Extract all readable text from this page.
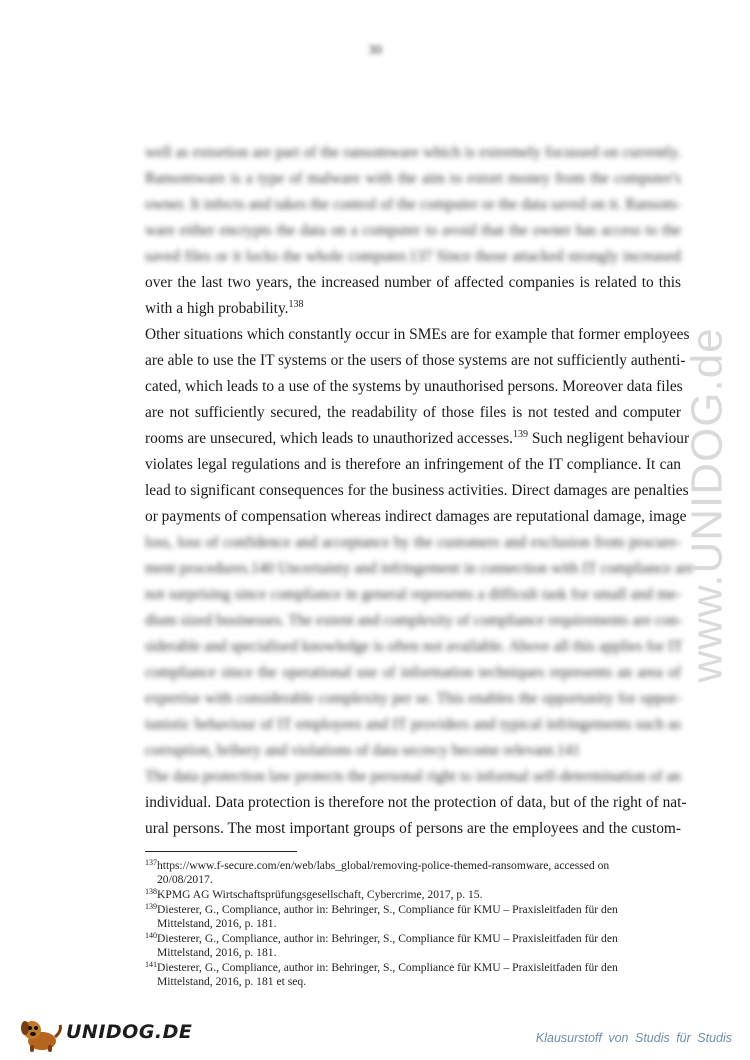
30
well as extortion are part of the ransomware which is extremely focussed on currently.
Ransomware is a type of malware with the aim to extort money from the computer's
owner. It infects and takes the control of the computer or the data saved on it. Ransom-
ware either encrypts the data on a computer to avoid that the owner has access to the
saved files or it locks the whole computer.137 Since those attacked strongly increased
over the last two years, the increased number of affected companies is related to this
with a high probability.$^{138}$
Other situations which constantly occur in SMEs are for example that former employees
are able to use the IT systems or the users of those systems are not sufficiently authenti-
cated, which leads to a use of the systems by unauthorised persons. Moreover data files
are not sufficiently secured, the readability of those files is not tested and computer
rooms are unsecured, which leads to unauthorized accesses.$^{139}$ Such negligent behaviour
violates legal regulations and is therefore an infringement of the IT compliance. It can
lead to significant consequences for the business activities. Direct damages are penalties
or payments of compensation whereas indirect damages are reputational damage, image
loss, loss of confidence and acceptance by the customers and exclusion from procure-
ment procedures.140 Uncertainty and infringement in connection with IT compliance are
not surprising since compliance in general represents a difficult task for small and me-
dium sized businesses. The extent and complexity of compliance requirements are con-
siderable and specialised knowledge is often not available. Above all this applies for IT
compliance since the operational use of information techniques represents an area of
expertise with considerable complexity per se. This enables the opportunity for oppor-
tunistic behaviour of IT employees and IT providers and typical infringements such as
corruption, bribery and violations of data secrecy become relevant.141
The data protection law protects the personal right to informal self-determination of an
individual. Data protection is therefore not the protection of data, but of the right of nat-
ural persons. The most important groups of persons are the employees and the custom-
137 https://www.f-secure.com/en/web/labs_global/removing-police-themed-ransomware, accessed on
20/08/2017.
138 KPMG AG Wirtschaftsprüfungsgesellschaft, Cybercrime, 2017, p. 15.
139 Diesterer, G., Compliance, author in: Behringer, S., Compliance für KMU – Praxisleitfaden für den
Mittelstand, 2016, p. 181.
140 Diesterer, G., Compliance, author in: Behringer, S., Compliance für KMU – Praxisleitfaden für den
Mittelstand, 2016, p. 181.
141 Diesterer, G., Compliance, author in: Behringer, S., Compliance für KMU – Praxisleitfaden für den
Mittelstand, 2016, p. 181 et seq.
www.UNIDOG.de
UNIDOG.DE	Klausurstoff von Studis für Studis
